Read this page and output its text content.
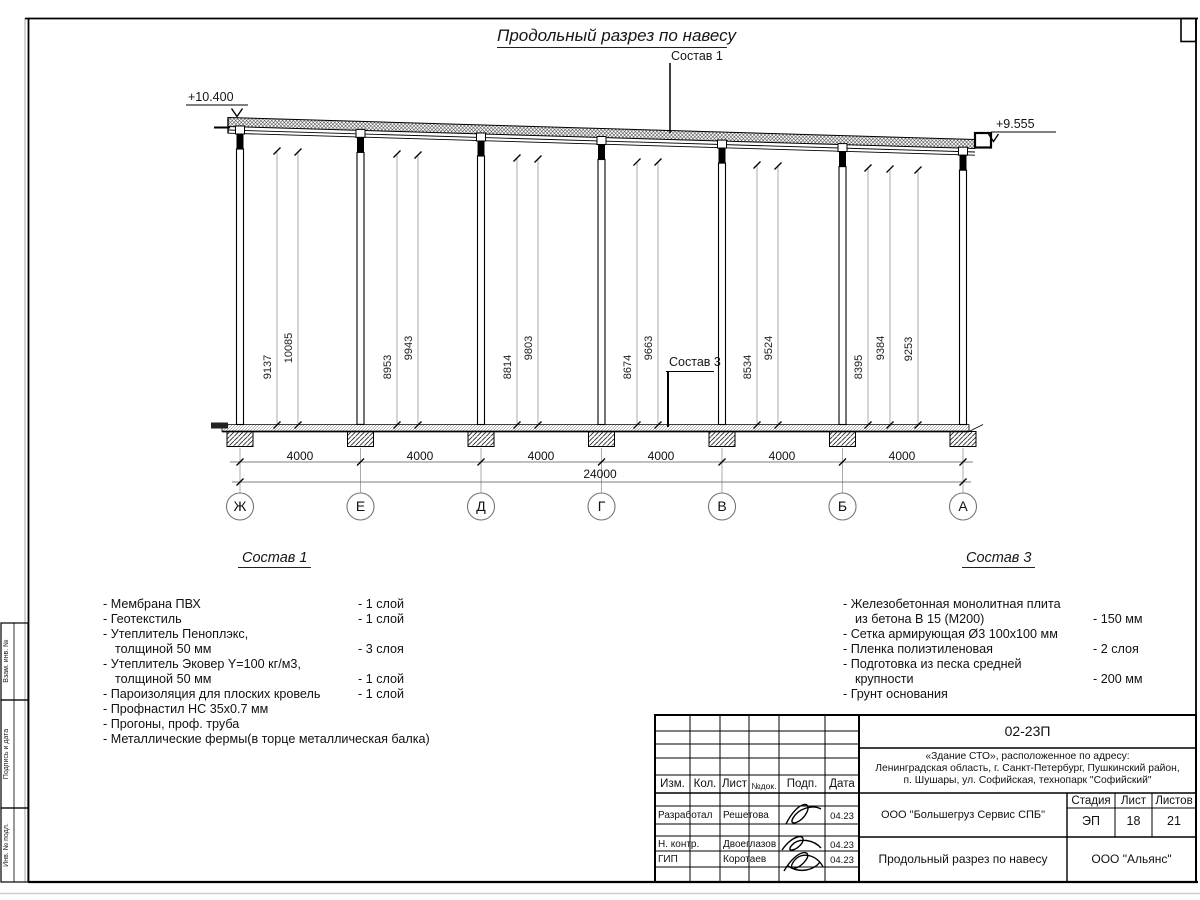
Продольный разрез по навесу
Состав 1
Состав 3
+10.400
+9.555
9137
10085
8953
9943
8814
9803
8674
9663
8534
9524
8395
9384 9253
4000	4000	4000	4000	4000	4000
24000
Ж	Е	Д	Г	В	Б	А
Состав 1
- Мембрана ПВХ	- 1 слой
- Геотекстиль	- 1 слой
- Утеплитель Пеноплэкс,
толщиной 50 мм	- 3 слоя
- Утеплитель Эковер Y=100 кг/м3,
толщиной 50 мм	- 1 слой
- Пароизоляция для плоских кровель	- 1 слой
- Профнастил НС 35х0.7 мм
- Прогоны, проф. труба
- Металлические фермы(в торце металлическая балка)
Состав 3
- Железобетонная монолитная плита
из бетона В 15 (М200)	- 150 мм
- Сетка армирующая Ø3 100х100 мм
- Пленка полиэтиленовая	- 2 слоя
- Подготовка из песка средней
крупности	- 200 мм
- Грунт основания
02-23П
«Здание СТО», расположенное по адресу:
Ленинградская область, г. Санкт-Петербург, Пушкинский район,
п. Шушары, ул. Софийская, технопарк "Софийский"
Изм. Кол. Лист №док. Подп.	Дата
Разработал Решетова	04.23
Н. контр. Двоеглазов	04.23
ГИП	Коротаев	04.23
ООО "Большегруз Сервис СПБ"
Продольный разрез по навесу	ООО "Альянс"
Стадия Лист Листов
ЭП	18	21
Взам. инв. №
Подпись и дата
Инв. № подл.
